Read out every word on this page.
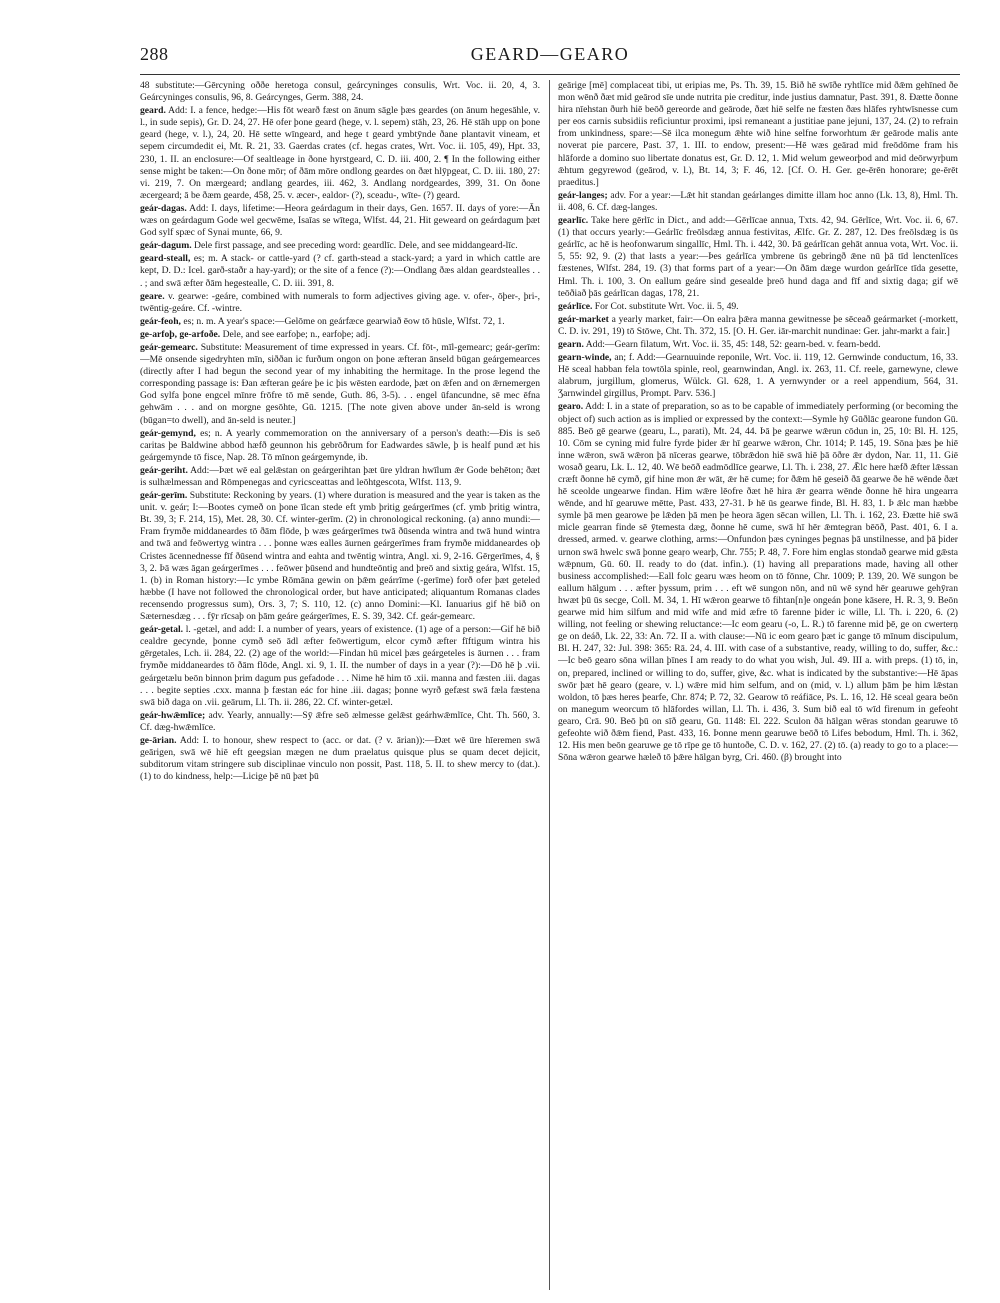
288	GEARD—GEARO

48 substitute:—Gērcyning oððe heretoga consul, geárcyninges consulis, Wrt. Voc. ii. 20, 4, 3. Geárcyninges consulis, 96, 8. Geárcynges, Germ. 388, 24.

geard. Add: I. a fence, hedge:—His fōt wearð fæst on ānum sāgle þæs geardes (on ānum hegesāhle, v. l., in sude sepis), Gr. D. 24, 27. Hē ofer þone geard (hege, v. l. sepem) stāh, 23, 26. Hē stāh upp on þone geard (hege, v. l.), 24, 20. Hē sette wīngeard, and hege t geard ymbtȳnde ðane plantavit vineam, et sepem circumdedit ei, Mt. R. 21, 33. Gaerdas crates (cf. hegas crates, Wrt. Voc. ii. 105, 49), Hpt. 33, 230, 1. II. an enclosure:—Of sealtleage in ðone hyrstgeard, C. D. iii. 400, 2. ¶ In the following either sense might be taken:—On ðone mōr; of ðām mōre ondlong geardes on ðæt hlȳpgeat, C. D. iii. 180, 27: vi. 219, 7. On mærgeard; andlang geardes, iii. 462, 3. Andlang nordgeardes, 399, 31. On ðone æcergeard; ā be ðæm gearde, 458, 25. v. æcer-, ealdor- (?), sceadu-, wīte- (?) geard.

geár-dagas. Add: I. days, lifetime:—Heora geárdagum in their days, Gen. 1657. II. days of yore:—Ān wæs on geárdagum Gode wel gecwēme, Isaīas se wītega, Wlfst. 44, 21. Hit geweard on geárdagum þæt God sylf spæc of Synai munte, 66, 9.

geár-dagum. Dele first passage, and see preceding word: geardlīc. Dele, and see middangeard-līc.

geard-steall, es; m. A stack- or cattle-yard (? cf. garth-stead a stack-yard; a yard in which cattle are kept, D. D.: Icel. garð-staðr a hay-yard); or the site of a fence (?):—Ondlang ðæs aldan geardstealles . . . ; and swā æfter ðām hegestealle, C. D. iii. 391, 8.

geare. v. gearwe: -geáre, combined with numerals to form adjectives giving age. v. ofer-, ōþer-, þri-, twēntig-geáre. Cf. -wintre.

geár-feoh, es; n. m. A year's space:—Gelōme on geárfæce gearwiað ēow tō hūsle, Wlfst. 72, 1.

ge-arfoþ, ge-arfoðe. Dele, and see earfoþe; n., earfoþe; adj.

geár-gemearc. Substitute: Measurement of time expressed in years. Cf. fōt-, mīl-gemearc; geár-gerīm:—Mē onsende sigedryhten mīn, siððan ic furðum ongon on þone æfteran ānseld būgan geárgemearces (directly after I had begun the second year of my inhabiting the hermitage. In the prose legend the corresponding passage is: Ðan æfteran geáre þe ic þis wēsten eardode, þæt on ǣfen and on ǣrnemergen God sylfa þone engcel mīnre frōfre tō mē sende, Guth. 86, 3-5). . . engel ūfancundne, sē mec ēfna gehwām . . . and on morgne gesōhte, Gū. 1215. [The note given above under ān-seld is wrong (būgan=to dwell), and ān-seld is neuter.]

geár-gemynd, es; n. A yearly commemoration on the anniversary of a person's death:—Ðis is seō caritas þe Baldwine abbod hæfð geunnon his gebrōðrum for Eadwardes sāwle, þ is healf pund æt his geárgemynde tō fisce, Nap. 28. Tō mīnon geárgemynde, ib.

geár-geriht. Add:—Þæt wē eal gelǣstan on geárgerihtan þæt ūre yldran hwīlum ǣr Gode behēton; ðæt is sulhælmessan and Rōmpenegas and cyricsceattas and leōhtgescota, Wlfst. 113, 9.

geár-gerīm. Substitute: Reckoning by years. (1) where duration is measured and the year is taken as the unit. v. geár; I:—Bootes cymeð on þone īlcan stede eft ymb þritig geárgerīmes (cf. ymb þritig wintra, Bt. 39, 3; F. 214, 15), Met. 28, 30. Cf. winter-gerīm. (2) in chronological reckoning. (a) anno mundi:—Fram frymðe middaneardes tō ðām flōde, þ wæs geárgerīmes twā ðūsenda wintra and twā hund wintra and twā and feōwertyg wintra . . . þonne wæs ealles āurnen geárgerīmes fram frymðe middaneardes oþ Cristes ācennednesse fīf ðūsend wintra and eahta and twēntig wintra, Angl. xi. 9, 2-16. Gērgerīmes, 4, § 3, 2. Þā wæs āgan geárgerīmes . . . feōwer þūsend and hundteōntig and þreō and sixtig geára, Wlfst. 15, 1. (b) in Roman history:—Ic ymbe Rōmāna gewin on þǣm geárrīme (-gerīme) forð ofer þæt geteled hæbbe (I have not followed the chronological order, but have anticipated; aliquantum Romanas clades recensendo progressus sum), Ors. 3, 7; S. 110, 12. (c) anno Domini:—Kl. Ianuarius gif hē bið on Sæternesdæg . . . fȳr rīcsaþ on þām geáre geárgerīmes, E. S. 39, 342. Cf. geár-gemearc.

geár-getal. l. -getæl, and add: I. a number of years, years of existence. (1) age of a person:—Gif hē bið cealdre gecynde, þonne cymð seō ādl æfter feōwertigum, elcor cymð æfter fīftigum wintra his gērgetales, Lch. ii. 284, 22. (2) age of the world:—Findan hū micel þæs geárgeteles is āurnen . . . fram frymðe middaneardes tō ðām flōde, Angl. xi. 9, 1. II. the number of days in a year (?):—Dō hē þ .vii. geárgetælu beōn binnon þrim dagum pus gefadode . . . Nime hē him tō .xii. manna and fæsten .iii. dagas . . . begite septies .cxx. manna þ fæstan eác for hine .iii. dagas; þonne wyrð gefæst swā fæla fæstena swā bið daga on .vii. geārum, Ll. Th. ii. 286, 22. Cf. winter-getæl.

geár-hwǣmlīce; adv. Yearly, annually:—Sȳ ǣfre seō ælmesse gelǣst geárhwǣmlīce, Cht. Th. 560, 3. Cf. dæg-hwǣmlīce.

ge-ārian. Add: I. to honour, shew respect to (acc. or dat. (? v. ārian)):—Ðæt wē ūre hīeremen swā geārigen, swā wē hiē eft geegsian mægen ne dum praelatus quisque plus se quam decet dejicit, subditorum vitam stringere sub disciplinae vinculo non possit, Past. 118, 5. II. to shew mercy to (dat.). (1) to do kindness, help:—Licige þē nū þæt þū

geārige [mē] complaceat tibi, ut eripias me, Ps. Th. 39, 15. Bið hē swīðe ryhtlīce mid ðǣm gehīned ðe mon wēnð ðæt mid geārod sīe unde nutrita pie creditur, inde justius damnatur, Past. 391, 8. Ðætte ðonne hira nīehstan ðurh hiē beōð gereorde and geārode, ðæt hiē selfe ne fæsten ðæs hlāfes ryhtwīsnesse cum per eos carnis subsidiis reficiuntur proximi, ipsi remaneant a justitiae pane jejuni, 137, 24. (2) to refrain from unkindness, spare:—Sē ilca monegum ǣhte wið hine selfne forworhtum ǣr geārode malis ante noverat pie parcere, Past. 37, 1. III. to endow, present:—Hē wæs geārad mid freōdōme fram his hlāforde a domino suo libertate donatus est, Gr. D. 12, 1. Mid welum geweorþod and mid deōrwyrþum ǣhtum gegyrewod (geārod, v. l.), Bt. 14, 3; F. 46, 12. [Cf. O. H. Ger. ge-ērēn honorare; ge-ērēt praeditus.]

geár-langes; adv. For a year:—Lǣt hit standan geárlanges dimitte illam hoc anno (Lk. 13, 8), Hml. Th. ii. 408, 6. Cf. dæg-langes.

gearlīc. Take here gērlīc in Dict., and add:—Gērlīcae annua, Txts. 42, 94. Gērlīce, Wrt. Voc. ii. 6, 67. (1) that occurs yearly:—Geárlīc freōlsdæg annua festivitas, Ælfc. Gr. Z. 287, 12. Des freōlsdæg is ūs geárlīc, ac hē is heofonwarum singallīc, Hml. Th. i. 442, 30. Þā geárlīcan gehāt annua vota, Wrt. Voc. ii. 5, 55: 92, 9. (2) that lasts a year:—Þes geárlīca ymbrene ūs gebringð ǣne nū þā tīd lenctenlīces fæstenes, Wlfst. 284, 19. (3) that forms part of a year:—On ðām dæge wurdon geárlīce tīda gesette, Hml. Th. i. 100, 3. On eallum geáre sind gesealde þreō hund daga and fīf and sixtig daga; gif wē teōðiað þās geárlīcan dagas, 178, 21.

geárlīce. For Cot. substitute Wrt. Voc. ii. 5, 49.

geár-market a yearly market, fair:—On ealra þǣra manna gewitnesse þe sēceað geármarket (-morkett, C. D. iv. 291, 19) tō Stōwe, Cht. Th. 372, 15. [O. H. Ger. iār-marchit nundinae: Ger. jahr-markt a fair.]

gearn. Add:—Gearn filatum, Wrt. Voc. ii. 35, 45: 148, 52: gearn-bed. v. fearn-bedd.

gearn-winde, an; f. Add:—Gearnuuinde reponile, Wrt. Voc. ii. 119, 12. Gernwinde conductum, 16, 33. Hē sceal habban fela towtōla spinle, reol, gearnwindan, Angl. ix. 263, 11. Cf. reele, garnewyne, clewe alabrum, jurgillum, glomerus, Wülck. Gl. 628, 1. A yernwynder or a reel appendium, 564, 31. Ʒarnwindel girgillus, Prompt. Parv. 536.]

gearo. Add: I. in a state of preparation, so as to be capable of immediately performing (or becoming the object of) such action as is implied or expressed by the context:—Symle hȳ Gūðlāc gearone fundon Gū. 885. Beō gē gearwe (gearu, L., parati), Mt. 24, 44. Þā þe gearwe wǣrun cōdun in, 25, 10: Bl. H. 125, 10. Cōm se cyning mid fulre fyrde þider ǣr hī gearwe wǣron, Chr. 1014; P. 145, 19. Sōna þæs þe hiē inne wǣron, swā wǣron þā nīceras gearwe, tōbrǣdon hiē swā hiē þā ōðre ǣr dydon, Nar. 11, 11. Giē wosað gearu, Lk. L. 12, 40. Wē beōð eadmōdlīce gearwe, Ll. Th. i. 238, 27. Ǣlc here hæfð ǣfter lǣssan cræft ðonne hē cymð, gif hine mon ǣr wāt, ǣr hē cume; for ðǣm hē geseið ðā gearwe ðe hē wēnde ðæt hē sceolde ungearwe findan. Him wǣre lēofre ðæt hē hira ǣr gearra wēnde ðonne hē hira ungearra wēnde, and hī gearuwe mētte, Past. 433, 27-31. Þ hē ūs gearwe finde, Bl. H. 83, 1. Þ ǣlc man hæbbe symle þā men gearowe þe lǣden þā men þe heora āgen sēcan willen, Ll. Th. i. 162, 23. Ðætte hiē swā micle gearran finde sē ȳtemesta dæg, ðonne hē cume, swā hī hēr ǣmtegran bēōð, Past. 401, 6. I a. dressed, armed. v. gearwe clothing, arms:—Onfundon þæs cyninges þegnas þā unstilnesse, and þā þider urnon swā hwelc swā þonne geaṛo wearþ, Chr. 755; P. 48, 7. Fore him englas stondað gearwe mid gǣsta wǣpnum, Gū. 60. II. ready to do (dat. infin.). (1) having all preparations made, having all other business accomplished:—Eall folc gearu wæs heom on tō fōnne, Chr. 1009; P. 139, 20. Wē sungon be eallum hālgum . . . æfter þyssum, prim . . . eft wē sungon nōn, and nū wē synd hēr gearuwe gehȳran hwæt þū ūs secge, Coll. M. 34, 1. Hī wǣron gearwe tō fihtan[n]e ongeán þone kāsere, H. R. 3, 9. Beōn gearwe mid him silfum and mid wīfe and mid æfre tō farenne þider ic wille, Ll. Th. i. 220, 6. (2) willing, not feeling or shewing reluctance:—Ic eom gearu (-o, L. R.) tō farenne mid þē, ge on cwerterṇ ge on deáð, Lk. 22, 33: An. 72. II a. with clause:—Nū ic eom gearo þæt ic gange tō mīnum discipulum, Bl. H. 247, 32: Jul. 398: 365: Rā. 24, 4. III. with case of a substantive, ready, willing to do, suffer, &c.:—Ic beō gearo sōna willan þīnes I am ready to do what you wish, Jul. 49. III a. with preps. (1) tō, in, on, prepared, inclined or willing to do, suffer, give, &c. what is indicated by the substantive:—Hē āpas swōr þæt hē gearo (geare, v. l.) wǣre mid him selfum, and on (mid, v. l.) allum þām þe him lǣstan woldon, tō þæs heres þearfe, Chr. 874; P. 72, 32. Gearow tō reáfiāce, Ps. L. 16, 12. Hē sceal geara beōn on manegum weorcum tō hlāfordes willan, Ll. Th. i. 436, 3. Sum bið eal tō wīd firenum in gefeoht gearo, Crā. 90. Beō þū on sīð gearu, Gū. 1148: El. 222. Sculon ðā hālgan wēras stondan gearuwe tō gefeohte wið ðǣm fiend, Past. 433, 16. Þonne menn gearuwe beōð tō Lifes bebodum, Hml. Th. i. 362, 12. His men beōn gearuwe ge tō rīpe ge tō huntoðe, C. D. v. 162, 27. (2) tō. (a) ready to go to a place:—Sōna wǣron gearwe hæleð tō þǣre hālgan byrg, Cri. 460. (β) brought into
